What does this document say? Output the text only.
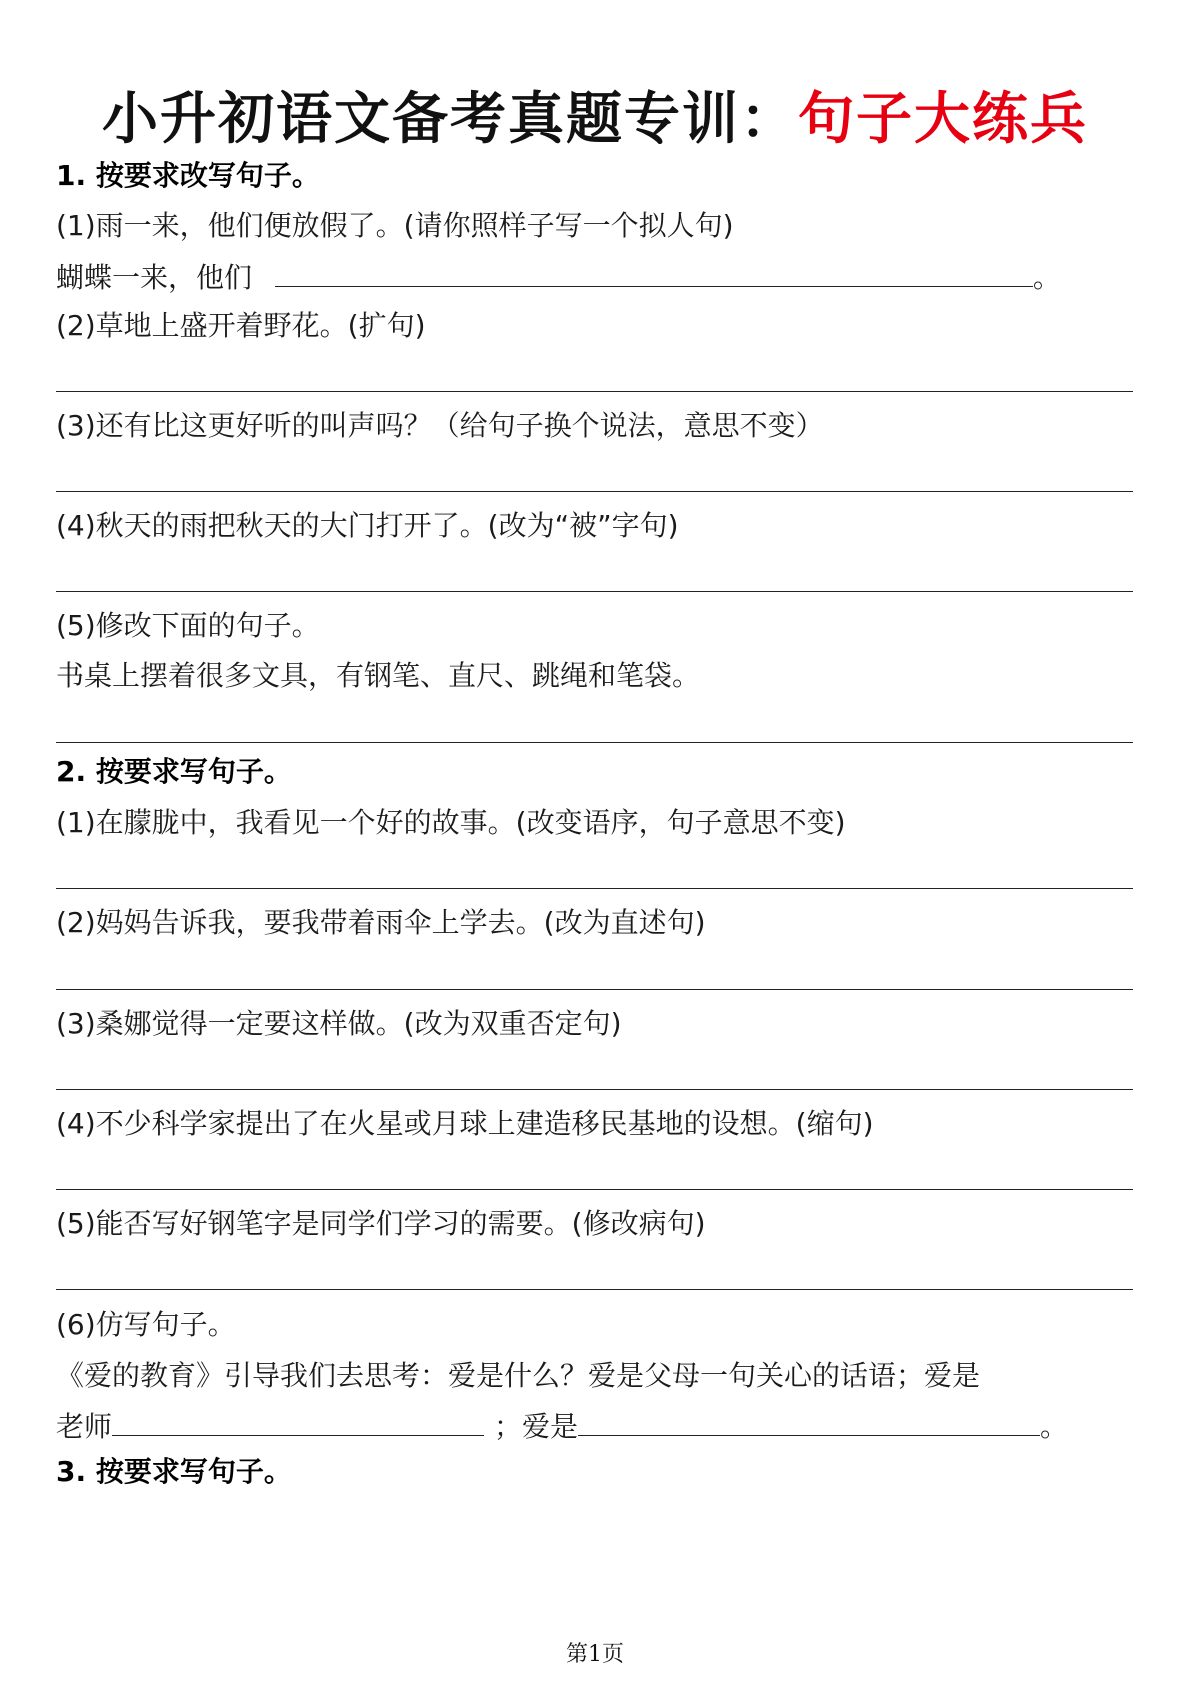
小升初语文备考真题专训：句子大练兵
1. 按要求改写句子。
(1)雨一来，他们便放假了。(请你照样子写一个拟人句)
蝴蝶一来，他们	。
(2)草地上盛开着野花。(扩句)
(3)还有比这更好听的叫声吗？（给句子换个说法，意思不变）
(4)秋天的雨把秋天的大门打开了。(改为“被”字句)
(5)修改下面的句子。
书桌上摆着很多文具，有钢笔、直尺、跳绳和笔袋。
2. 按要求写句子。
(1)在朦胧中，我看见一个好的故事。(改变语序，句子意思不变)
(2)妈妈告诉我，要我带着雨伞上学去。(改为直述句)
(3)桑娜觉得一定要这样做。(改为双重否定句)
(4)不少科学家提出了在火星或月球上建造移民基地的设想。(缩句)
(5)能否写好钢笔字是同学们学习的需要。(修改病句)
(6)仿写句子。
《爱的教育》引导我们去思考：爱是什么？爱是父母一句关心的话语；爱是
老师	；爱是	。
3. 按要求写句子。
第1页
